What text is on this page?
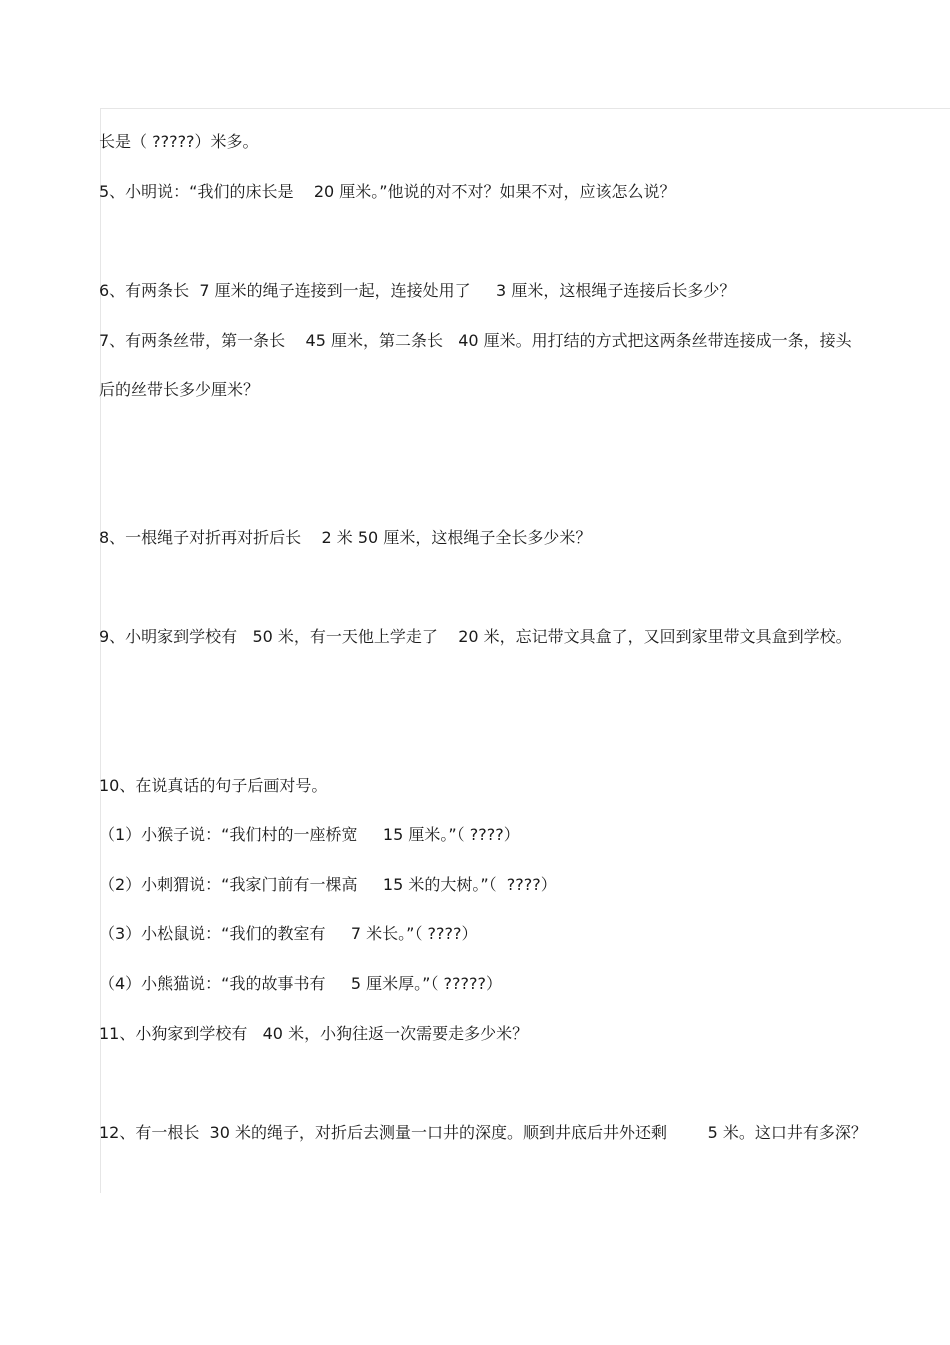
长是（ ?????）米多。
5、小明说：“我们的床长是    20 厘米。”他说的对不对？如果不对，应该怎么说？
6、有两条长  7 厘米的绳子连接到一起，连接处用了     3 厘米，这根绳子连接后长多少？
7、有两条丝带，第一条长    45 厘米，第二条长   40 厘米。用打结的方式把这两条丝带连接成一条，接头
后的丝带长多少厘米？
8、一根绳子对折再对折后长    2 米 50 厘米，这根绳子全长多少米？
9、小明家到学校有   50 米，有一天他上学走了    20 米，忘记带文具盒了，又回到家里带文具盒到学校。
10、在说真话的句子后画对号。
（1）小猴子说：“我们村的一座桥宽     15 厘米。”（ ????）
（2）小刺猬说：“我家门前有一棵高     15 米的大树。”（  ????）
（3）小松鼠说：“我们的教室有     7 米长。”（ ????）
（4）小熊猫说：“我的故事书有     5 厘米厚。”（ ?????）
11、小狗家到学校有   40 米，小狗往返一次需要走多少米？
12、有一根长  30 米的绳子，对折后去测量一口井的深度。顺到井底后井外还剩        5 米。这口井有多深？
